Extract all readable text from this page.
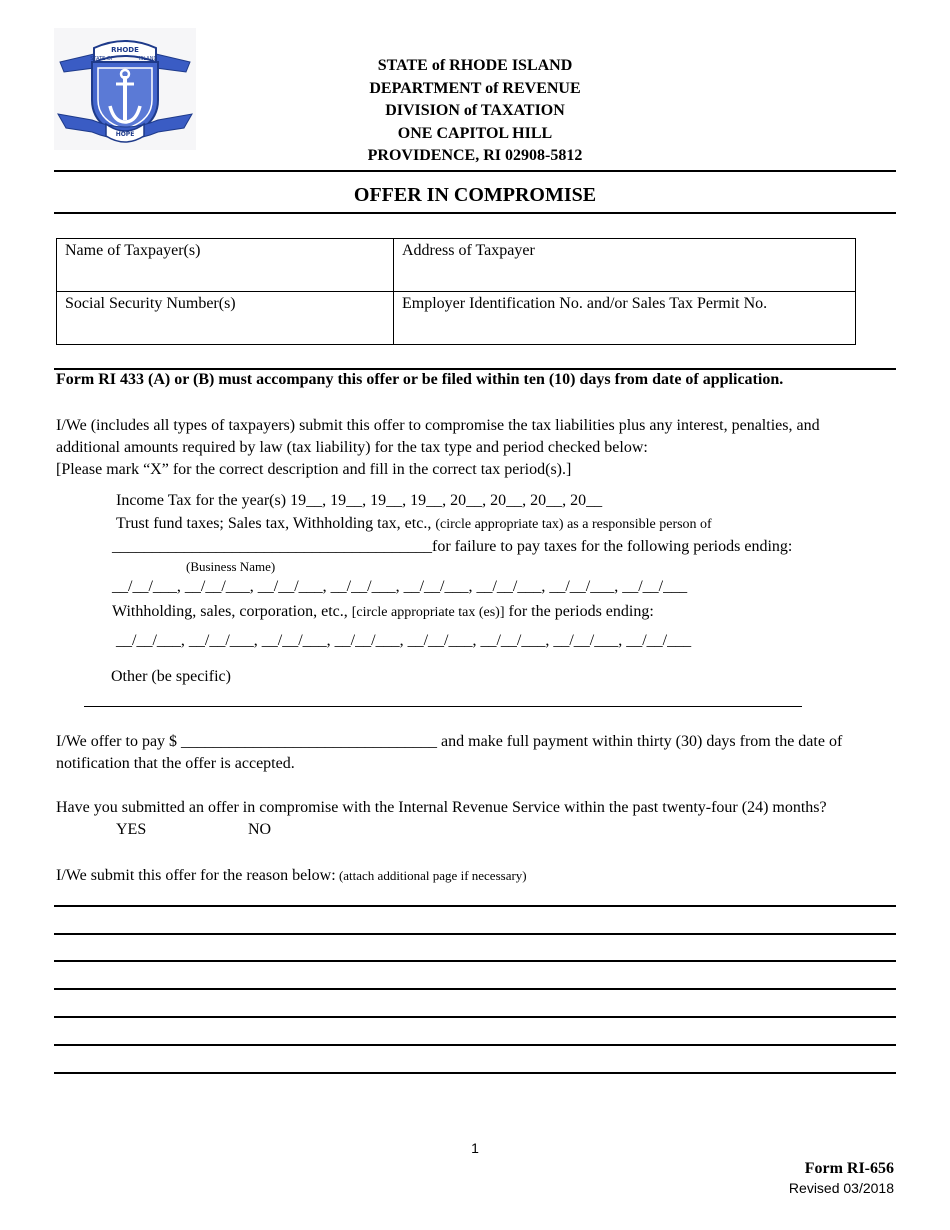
RHODE
STATE OF	ISLAND
HOPE
STATE of RHODE ISLAND
DEPARTMENT of REVENUE
DIVISION of TAXATION
ONE CAPITOL HILL
PROVIDENCE, RI 02908-5812
OFFER IN COMPROMISE
Name of Taxpayer(s)	Address of Taxpayer
Social Security Number(s)	Employer Identification No. and/or Sales Tax Permit No.
Form RI 433 (A) or (B) must accompany this offer or be filed within ten (10) days from date of application.
I/We (includes all types of taxpayers) submit this offer to compromise the tax liabilities plus any interest, penalties, and
additional amounts required by law (tax liability) for the tax type and period checked below:
[Please mark “X” for the correct description and fill in the correct tax period(s).]
Income Tax for the year(s) 19__, 19__, 19__, 19__, 20__, 20__, 20__, 20__
Trust fund taxes; Sales tax, Withholding tax, etc., (circle appropriate tax) as a responsible person of
________________________________________for failure to pay taxes for the following periods ending:
(Business Name)
__/__/___, __/__/___, __/__/___, __/__/___, __/__/___, __/__/___, __/__/___, __/__/___
Withholding, sales, corporation, etc., [circle appropriate tax (es)] for the periods ending:
__/__/___, __/__/___, __/__/___, __/__/___, __/__/___, __/__/___, __/__/___, __/__/___
Other (be specific)
I/We offer to pay $ ________________________________ and make full payment within thirty (30) days from the date of
notification that the offer is accepted.
Have you submitted an offer in compromise with the Internal Revenue Service within the past twenty-four (24) months?
YES	NO
I/We submit this offer for the reason below: (attach additional page if necessary)
1
Form RI-656
Revised 03/2018
